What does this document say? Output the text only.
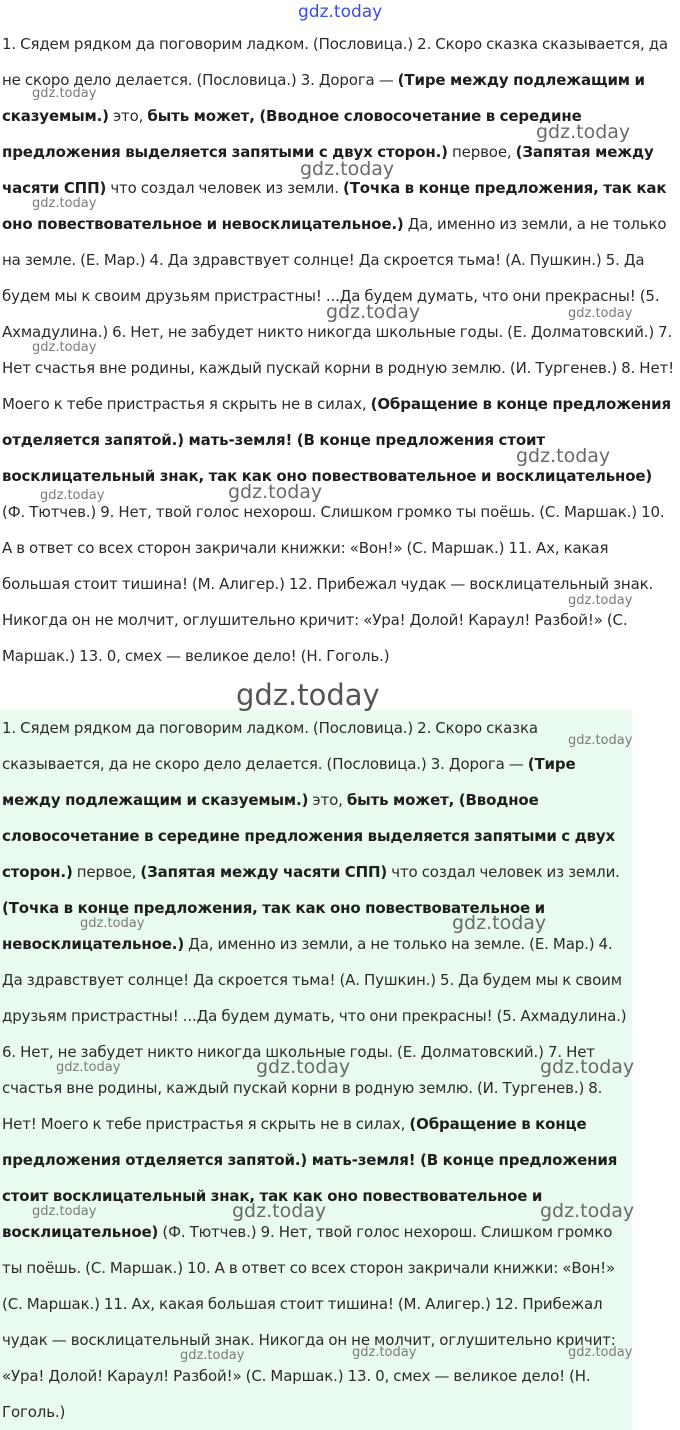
1. Сядем рядком да поговорим ладком. (Пословица.) 2. Скоро сказка сказывается, да не скоро дело делается. (Пословица.) 3. Дорога — (Тире между подлежащим и сказуемым.) это, быть может, (Вводное словосочетание в середине предложения выделяется запятыми с двух сторон.) первое, (Запятая между часяти СПП) что создал человек из земли. (Точка в конце предложения, так как оно повествовательное и невосклицательное.) Да, именно из земли, а не только на земле. (Е. Мар.) 4. Да здравствует солнце! Да скроется тьма! (А. Пушкин.) 5. Да будем мы к своим друзьям пристрастны! ...Да будем думать, что они прекрасны! (5. Ахмадулина.) 6. Нет, не забудет никто никогда школьные годы. (Е. Долматовский.) 7. Нет счастья вне родины, каждый пускай корни в родную землю. (И. Тургенев.) 8. Нет! Моего к тебе пристрастья я скрыть не в силах, (Обращение в конце предложения отделяется запятой.) мать-земля! (В конце предложения стоит восклицательный знак, так как оно повествовательное и восклицательное) (Ф. Тютчев.) 9. Нет, твой голос нехорош. Слишком громко ты поёшь. (С. Маршак.) 10. А в ответ со всех сторон закричали книжки: «Вон!» (С. Маршак.) 11. Ах, какая большая стоит тишина! (М. Алигер.) 12. Прибежал чудак — восклицательный знак. Никогда он не молчит, оглушительно кричит: «Ура! Долой! Караул! Разбой!» (С. Маршак.) 13. 0, смех — великое дело! (Н. Гоголь.)
1. Сядем рядком да поговорим ладком. (Пословица.) 2. Скоро сказка сказывается, да не скоро дело делается. (Пословица.) 3. Дорога — (Тире между подлежащим и сказуемым.) это, быть может, (Вводное словосочетание в середине предложения выделяется запятыми с двух сторон.) первое, (Запятая между часяти СПП) что создал человек из земли. (Точка в конце предложения, так как оно повествовательное и невосклицательное.) Да, именно из земли, а не только на земле. (Е. Мар.) 4. Да здравствует солнце! Да скроется тьма! (А. Пушкин.) 5. Да будем мы к своим друзьям пристрастны! ...Да будем думать, что они прекрасны! (5. Ахмадулина.) 6. Нет, не забудет никто никогда школьные годы. (Е. Долматовский.) 7. Нет счастья вне родины, каждый пускай корни в родную землю. (И. Тургенев.) 8. Нет! Моего к тебе пристрастья я скрыть не в силах, (Обращение в конце предложения отделяется запятой.) мать-земля! (В конце предложения стоит восклицательный знак, так как оно повествовательное и восклицательное) (Ф. Тютчев.) 9. Нет, твой голос нехорош. Слишком громко ты поёшь. (С. Маршак.) 10. А в ответ со всех сторон закричали книжки: «Вон!» (С. Маршак.) 11. Ах, какая большая стоит тишина! (М. Алигер.) 12. Прибежал чудак — восклицательный знак. Никогда он не молчит, оглушительно кричит: «Ура! Долой! Караул! Разбой!» (С. Маршак.) 13. 0, смех — великое дело! (Н. Гоголь.)
gdz.today
gdz.today
gdz.today
gdz.today
gdz.today
gdz.today	gdz.today
gdz.today
gdz.today
gdz.today	gdz.today
gdz.today
gdz.today
gdz.today
gdz.today	gdz.today
gdz.today	gdz.today	gdz.today
gdz.today	gdz.today	gdz.today
gdz.today	gdz.today	gdz.today
